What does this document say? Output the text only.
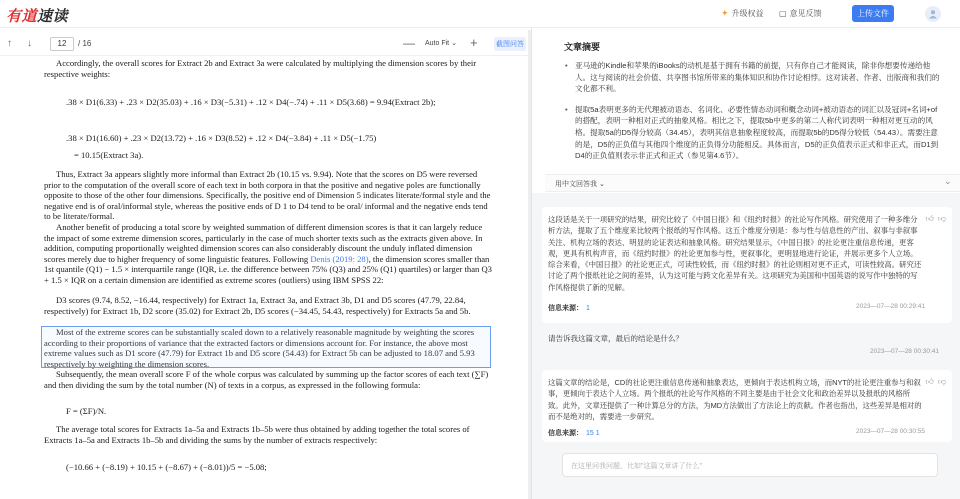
有道 速读	✦ 升级权益 ▢ 意见反馈	上传文件
↑ ↓	12	/ 16	— Auto Fit ⌄ +	截图问答

Accordingly, the overall scores for Extract 2b and Extract 3a were calculated by multiplying the dimension scores by their respective weights:

.38 × D1(6.33) + .23 × D2(35.03) + .16 × D3(−5.31) + .12 × D4(−.74) + .11 × D5(3.68) = 9.94(Extract 2b);
.38 × D1(16.60) + .23 × D2(13.72) + .16 × D3(8.52) + .12 × D4(−3.84) + .11 × D5(−1.75)
= 10.15(Extract 3a).

Thus, Extract 3a appears slightly more informal than Extract 2b (10.15 vs. 9.94). Note that the scores on D5 were reversed prior to the computation of the overall score of each text in both corpora in that the positive and negative poles are functionally opposite to those of the other four dimensions. Specifically, the positive end of Dimension 5 indicates literate/formal style and the negative end is of oral/informal style, whereas the positive ends of D 1 to D4 tend to be oral/ informal and the negative ends tend to be literate/formal.

Another benefit of producing a total score by weighted summation of different dimension scores is that it can largely reduce the impact of some extreme dimension scores, particularly in the case of much shorter texts such as the extracts given above. In addition, computing proportionally weighted dimension scores can also considerably discount the unduly inflated dimension scores merely due to higher frequency of some linguistic features. Following Denis (2019: 28), the dimension scores smaller than 1st quantile (Q1) − 1.5 × interquartile range (IQR, i.e. the difference between 75% (Q3) and 25% (Q1) quartiles) or larger than Q3 + 1.5 × IQR on a certain dimension are identified as extreme scores (outliers) using IBM SPSS 22:

D3 scores (9.74, 8.52, −16.44, respectively) for Extract 1a, Extract 3a, and Extract 3b, D1 and D5 scores (47.79, 22.84, respectively) for Extract 1b, D2 score (35.02) for Extract 2b, D5 scores (−34.45, 54.43, respectively) for Extracts 5a and 5b.

Most of the extreme scores can be substantially scaled down to a relatively reasonable magnitude by weighting the scores according to their proportions of variance that the extracted factors or dimensions account for. For instance, the above most extreme values such as D1 score (47.79) for Extract 1b and D5 score (54.43) for Extract 5b can be adjusted to 18.07 and 5.93 respectively by weighting the dimension scores.

Subsequently, the mean overall score F of the whole corpus was calculated by summing up the factor scores of each text (∑F) and then dividing the sum by the total number (N) of texts in a corpus, as expressed in the following formula:

F = (ΣF)/N.

The average total scores for Extracts 1a–5a and Extracts 1b–5b were thus obtained by adding together the total scores of Extracts 1a–5a and Extracts 1b–5b and dividing the sums by the number of extracts respectively:

(−10.66 + (−8.19) + 10.15 + (−8.67) + (−8.01))/5 = −5.08;
文章摘要
• 亚马逊的Kindle和苹果的iBooks的动机是基于拥有书籍的前提，只有你自己才能阅读，除非你想要传递给他人。这与阅读的社会价值、共享图书馆所带来的集体知识和协作讨论相悖。这对读者、作者、出版商和我们的文化都不利。
• 提取5a表明更多的无代理被动语态、名词化、必要性情态动词和概念动词+被动语态的词汇以及冠词+名词+of的搭配，表明一种相对正式的抽象风格。相比之下，提取5b中更多的第二人称代词表明一种相对更互动的风格。提取5a的D5得分较高（34.45），表明其信息抽象程度较高，而提取5b的D5得分较低（54.43）。需要注意的是，D5的正负值与其他四个维度的正负得分功能相反。具体而言，D5的正负值表示正式和非正式，而D1到D4的正负值则表示非正式和正式（参见第4.6节）。
用中文回答我 ⌄	⌄
这段话是关于一项研究的结果，研究比较了《中国日报》和《纽约时报》的社论写作风格。研究使用了一种多维分析方法，提取了五个维度来比较两个报纸的写作风格。这五个维度分别是：参与性与信息性的产出、叙事与非叙事关注、机构立场的表达、明显的论证表达和抽象风格。研究结果显示，《中国日报》的社论更注重信息传递，更客观，更具有机构声音，而《纽约时报》的社论更加参与性，更叙事化，更明显地进行论证，并展示更多个人立场。综合来看，《中国日报》的社论更正式，可读性较低，而《纽约时报》的社论则相对更不正式，可读性较高。研究还讨论了两个报纸社论之间的差异，认为这可能与跨文化差异有关。这项研究为美国和中国英语的说写作中独特的写作风格提供了新的见解。
👍︎ 👎︎
信息来源： 1	2023—07—28 00:29:41
请告诉我这篇文章，最后的结论是什么？
2023—07—28 00:30:41
这篇文章的结论是，CD的社论更注重信息传递和抽象表达，更倾向于表达机构立场，而NYT的社论更注重参与和叙事，更倾向于表达个人立场。两个报纸的社论写作风格的不同主要是由于社会文化和政治差异以及报纸的风格所致。此外，文章还提供了一种计算总分的方法，为MD方法做出了方法论上的贡献。作者也指出，这些差异是相对的而不是绝对的，需要进一步研究。
👍︎ 👎︎
信息来源： 15 1	2023—07—28 00:30:55
在这里问我问题，比如"这篇文章讲了什么"
